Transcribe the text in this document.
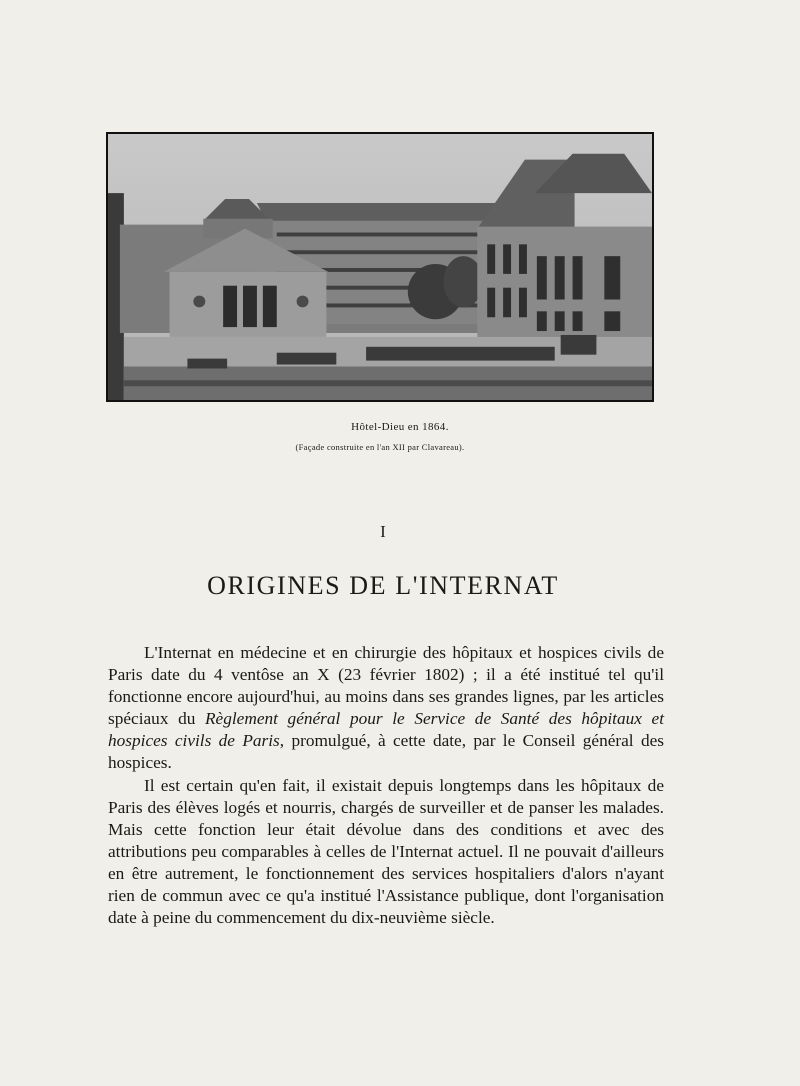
Hôtel-Dieu en 1864.
(Façade construite en l'an XII par Clavareau).
I
ORIGINES DE L'INTERNAT

L'Internat en médecine et en chirurgie des hôpitaux et hospices civils de Paris date du 4 ventôse an X (23 février 1802) ; il a été institué tel qu'il fonctionne encore aujourd'hui, au moins dans ses grandes lignes, par les articles spéciaux du Règlement général pour le Service de Santé des hôpitaux et hospices civils de Paris, promulgué, à cette date, par le Conseil général des hospices.

Il est certain qu'en fait, il existait depuis longtemps dans les hôpitaux de Paris des élèves logés et nourris, chargés de surveiller et de panser les malades. Mais cette fonction leur était dévolue dans des conditions et avec des attributions peu comparables à celles de l'Internat actuel. Il ne pouvait d'ailleurs en être autrement, le fonctionnement des services hospitaliers d'alors n'ayant rien de commun avec ce qu'a institué l'Assistance publique, dont l'organisation date à peine du commencement du dix-neuvième siècle.
